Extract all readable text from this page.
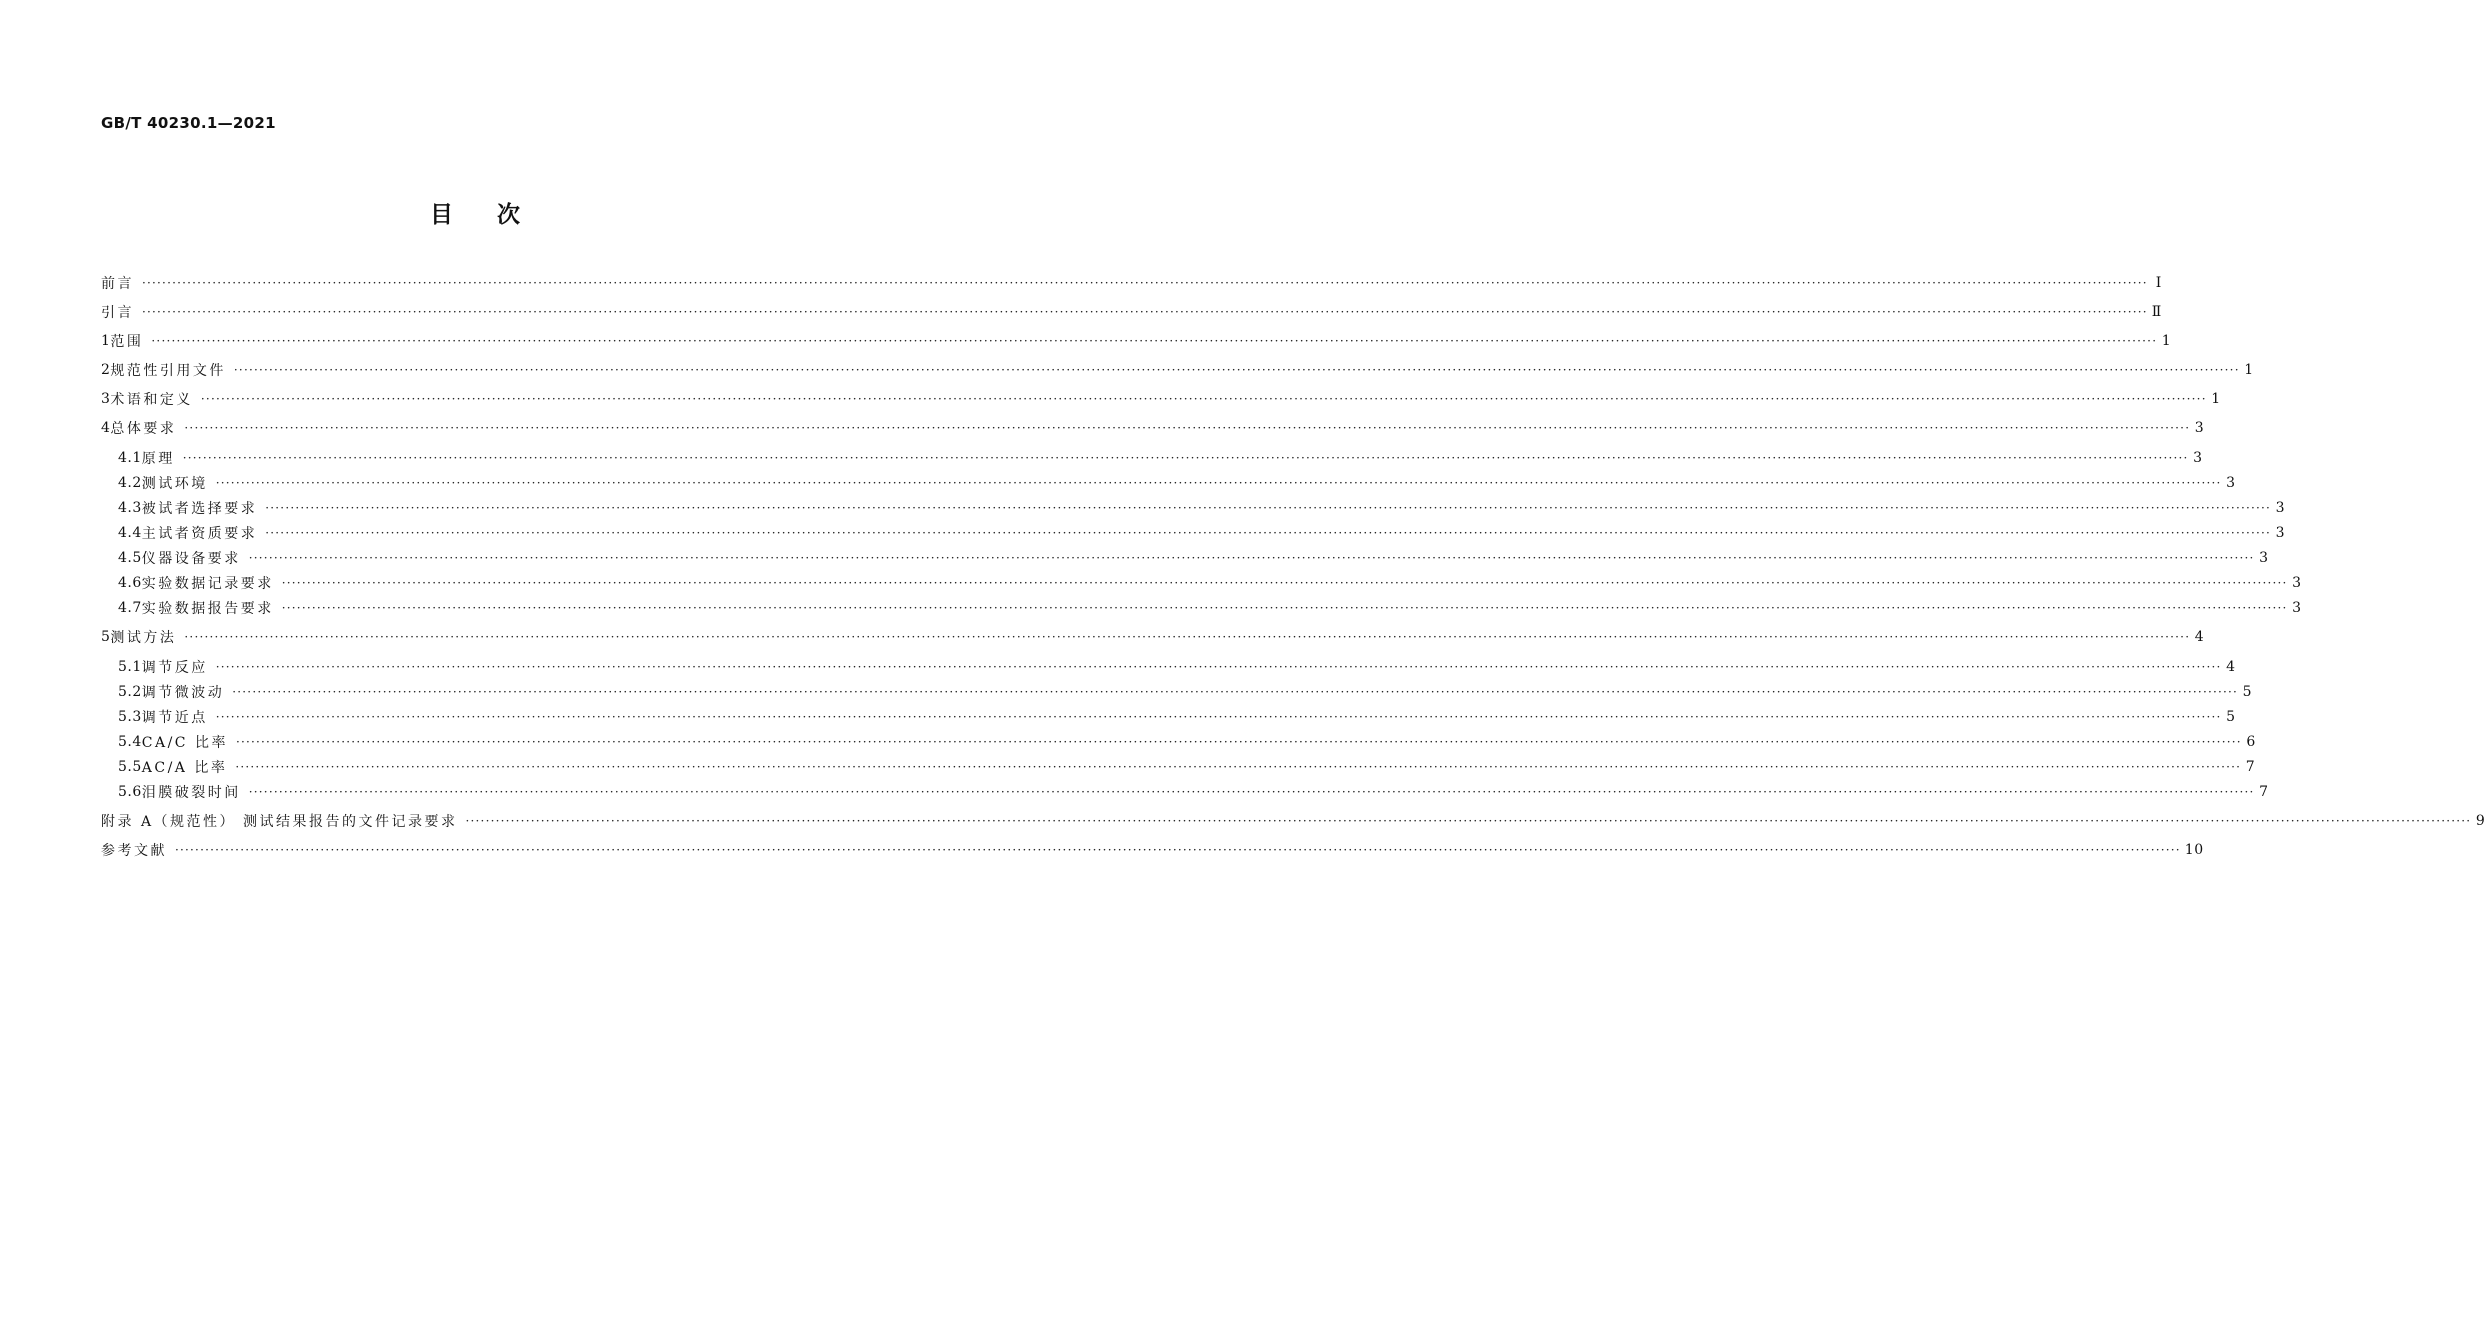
GB/T 40230.1—2021
目次
前言 ················································································································································································································································································································································································································ Ⅰ
引言 ················································································································································································································································································································································································································ Ⅱ
1 范围 ················································································································································································································································································································································································································ 1
2 规范性引用文件 ················································································································································································································································································································································································································ 1
3 术语和定义 ················································································································································································································································································································································································································ 1
4 总体要求 ················································································································································································································································································································································································································ 3
4.1 原理 ················································································································································································································································································································································································································ 3
4.2 测试环境 ················································································································································································································································································································································································································ 3
4.3 被试者选择要求 ················································································································································································································································································································································································································ 3
4.4 主试者资质要求 ················································································································································································································································································································································································································ 3
4.5 仪器设备要求 ················································································································································································································································································································································································································ 3
4.6 实验数据记录要求 ················································································································································································································································································································································································································ 3
4.7 实验数据报告要求 ················································································································································································································································································································································································································ 3
5 测试方法 ················································································································································································································································································································································································································ 4
5.1 调节反应 ················································································································································································································································································································································································································ 4
5.2 调节微波动 ················································································································································································································································································································································································································ 5
5.3 调节近点 ················································································································································································································································································································································································································ 5
5.4 CA/C 比率 ················································································································································································································································································································································································································ 6
5.5 AC/A 比率 ················································································································································································································································································································································································································ 7
5.6 泪膜破裂时间 ················································································································································································································································································································································································································ 7
附录 A（规范性） 测试结果报告的文件记录要求 ················································································································································································································································································································································································································ 9
参考文献 ················································································································································································································································································································································································································ 10
